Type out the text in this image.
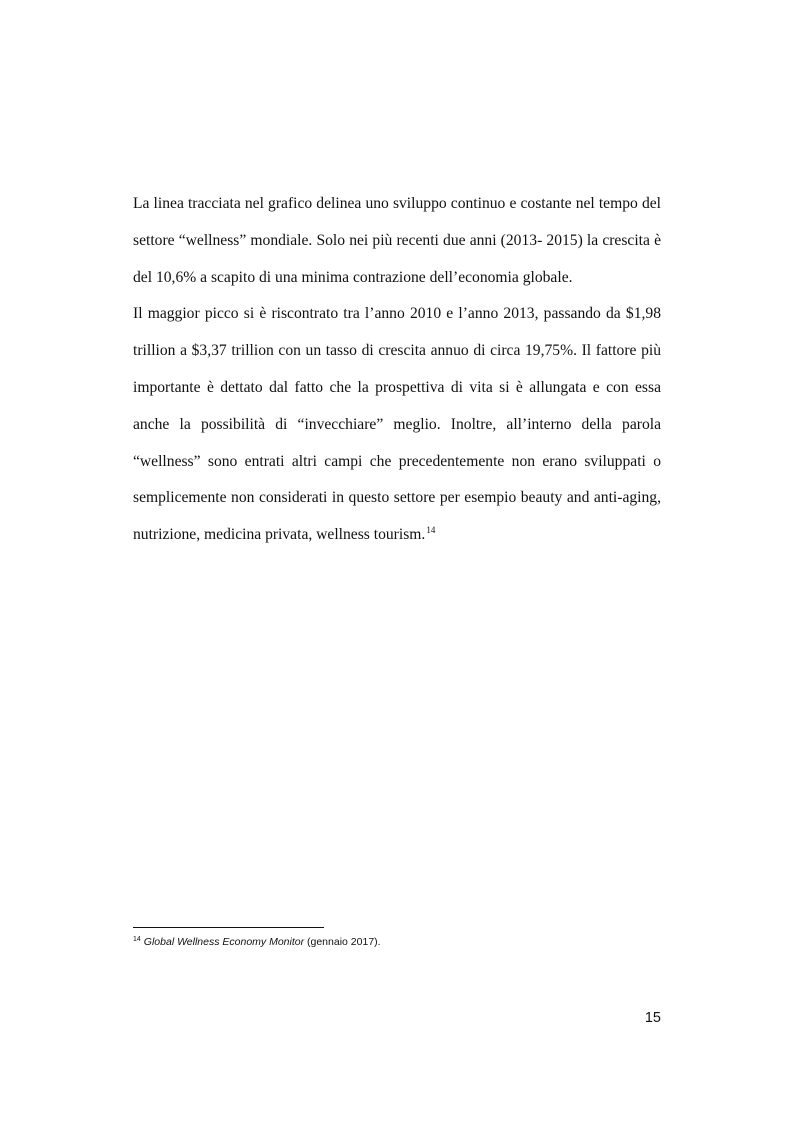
La linea tracciata nel grafico delinea uno sviluppo continuo e costante nel tempo del settore “wellness” mondiale. Solo nei più recenti due anni (2013- 2015) la crescita è del 10,6% a scapito di una minima contrazione dell’economia globale.

Il maggior picco si è riscontrato tra l’anno 2010 e l’anno 2013, passando da $1,98 trillion a $3,37 trillion con un tasso di crescita annuo di circa 19,75%. Il fattore più importante è dettato dal fatto che la prospettiva di vita si è allungata e con essa anche la possibilità di “invecchiare” meglio. Inoltre, all’interno della parola “wellness” sono entrati altri campi che precedentemente non erano sviluppati o semplicemente non considerati in questo settore per esempio beauty and anti-aging, nutrizione, medicina privata, wellness tourism.$^{14}$

$^{14}$ Global Wellness Economy Monitor (gennaio 2017).
15
